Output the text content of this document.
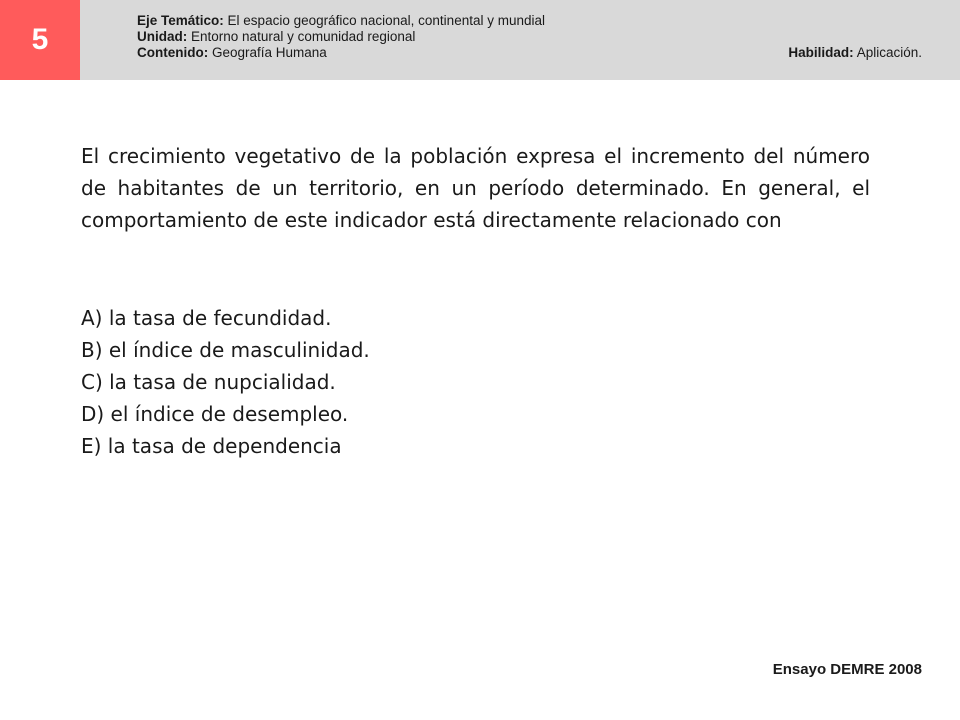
5
Eje Temático: El espacio geográfico nacional, continental y mundial
Unidad: Entorno natural y comunidad regional
Contenido: Geografía Humana	Habilidad: Aplicación.

El crecimiento vegetativo de la población expresa el incremento del número de habitantes de un territorio, en un período determinado. En general, el comportamiento de este indicador está directamente relacionado con

A) la tasa de fecundidad.
B) el índice de masculinidad.
C) la tasa de nupcialidad.
D) el índice de desempleo.
E) la tasa de dependencia
Ensayo DEMRE 2008
